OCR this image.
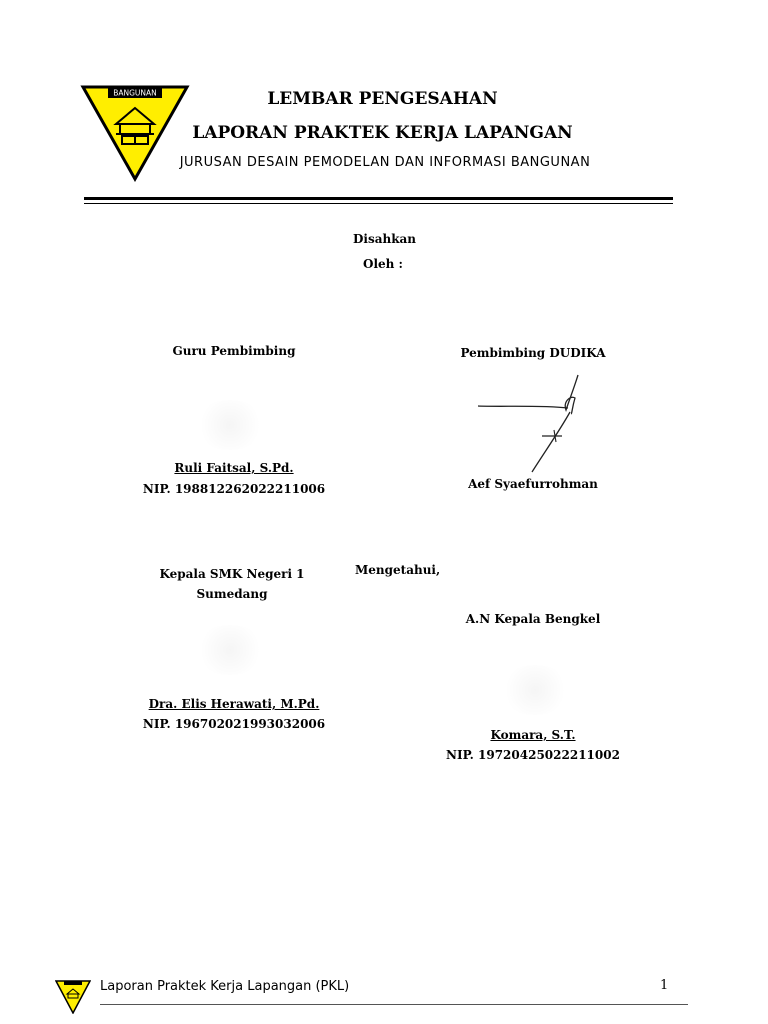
BANGUNAN	LEMBAR PENGESAHAN
LAPORAN PRAKTEK KERJA LAPANGAN
JURUSAN DESAIN PEMODELAN DAN INFORMASI BANGUNAN
Disahkan
Oleh :
Guru Pembimbing
Ruli Faitsal, S.Pd.
NIP. 198812262022211006
Pembimbing DUDIKA
Aef Syaefurrohman
Kepala SMK Negeri 1
Sumedang
Dra. Elis Herawati, M.Pd.
NIP. 196702021993032006
Mengetahui,
A.N Kepala Bengkel
Komara, S.T.
NIP. 19720425022211002
Laporan Praktek Kerja Lapangan (PKL)	1
